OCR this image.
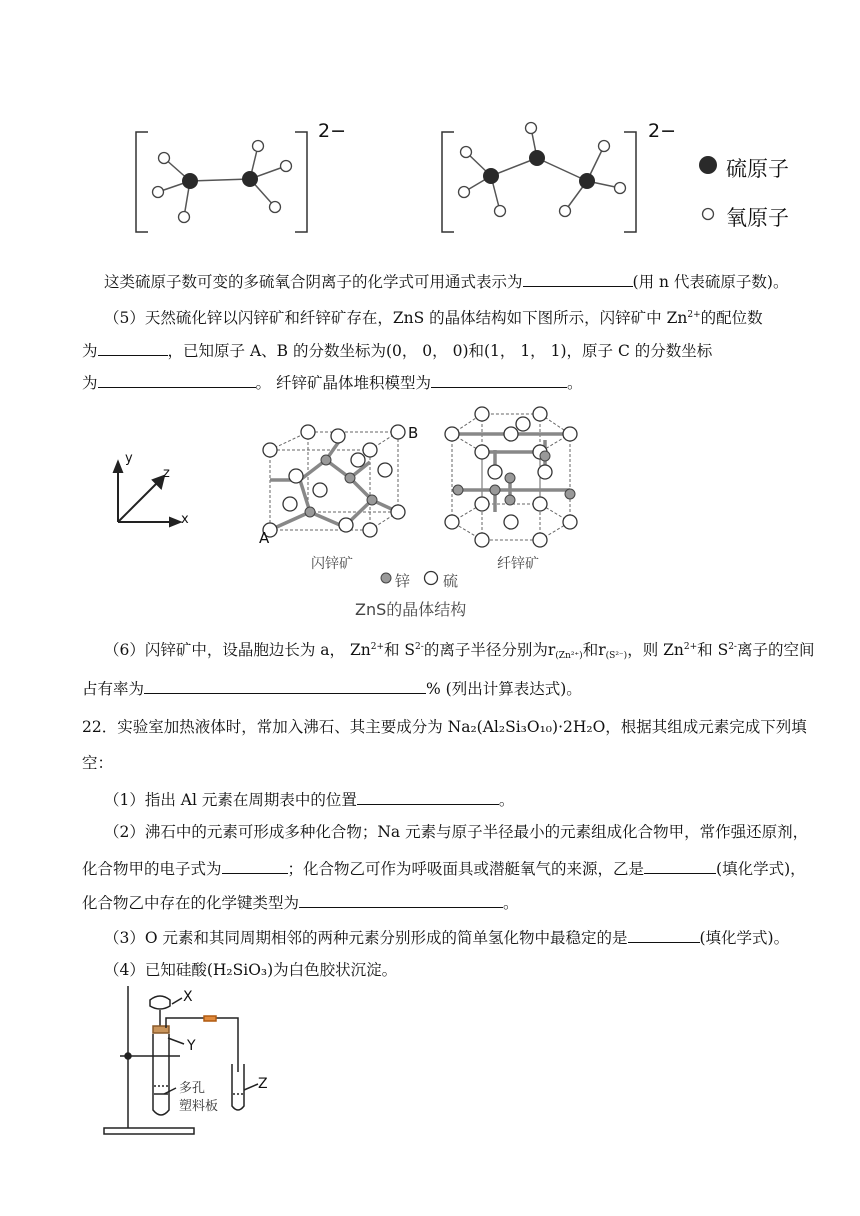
2−	2−
硫原子
氧原子
这类硫原子数可变的多硫氧合阴离子的化学式可用通式表示为	(用 n 代表硫原子数)。
（5）天然硫化锌以闪锌矿和纤锌矿存在，ZnS 的晶体结构如下图所示，闪锌矿中 $Zn^{2+}$的配位数
为	，已知原子 A、B 的分数坐标为(0， 0， 0)和(1， 1， 1)，原子 C 的分数坐标
为	。 纤锌矿晶体堆积模型为	。
y
z
x
A
B
闪锌矿	纤锌矿
锌 硫
ZnS的晶体结构
（6）闪锌矿中，设晶胞边长为 a， $Zn^{2+}$和 $S^{2-}$的离子半径分别为$r_{(Zn^{2+})}$和$r_{(S^{2-})}$，则 $Zn^{2+}$和 $S^{2-}$离子的空间
占有率为	% (列出计算表达式)。
22．实验室加热液体时，常加入沸石、其主要成分为 Na₂(Al₂Si₃O₁₀)·2H₂O，根据其组成元素完成下列填
空：
（1）指出 Al 元素在周期表中的位置	。
（2）沸石中的元素可形成多种化合物；Na 元素与原子半径最小的元素组成化合物甲，常作强还原剂，
化合物甲的电子式为	；化合物乙可作为呼吸面具或潜艇氧气的来源，乙是	(填化学式)，
化合物乙中存在的化学键类型为	。
（3）O 元素和其同周期相邻的两种元素分别形成的简单氢化物中最稳定的是	(填化学式)。
（4）已知硅酸(H₂SiO₃)为白色胶状沉淀。
X
Y
Z
多孔
塑料板
